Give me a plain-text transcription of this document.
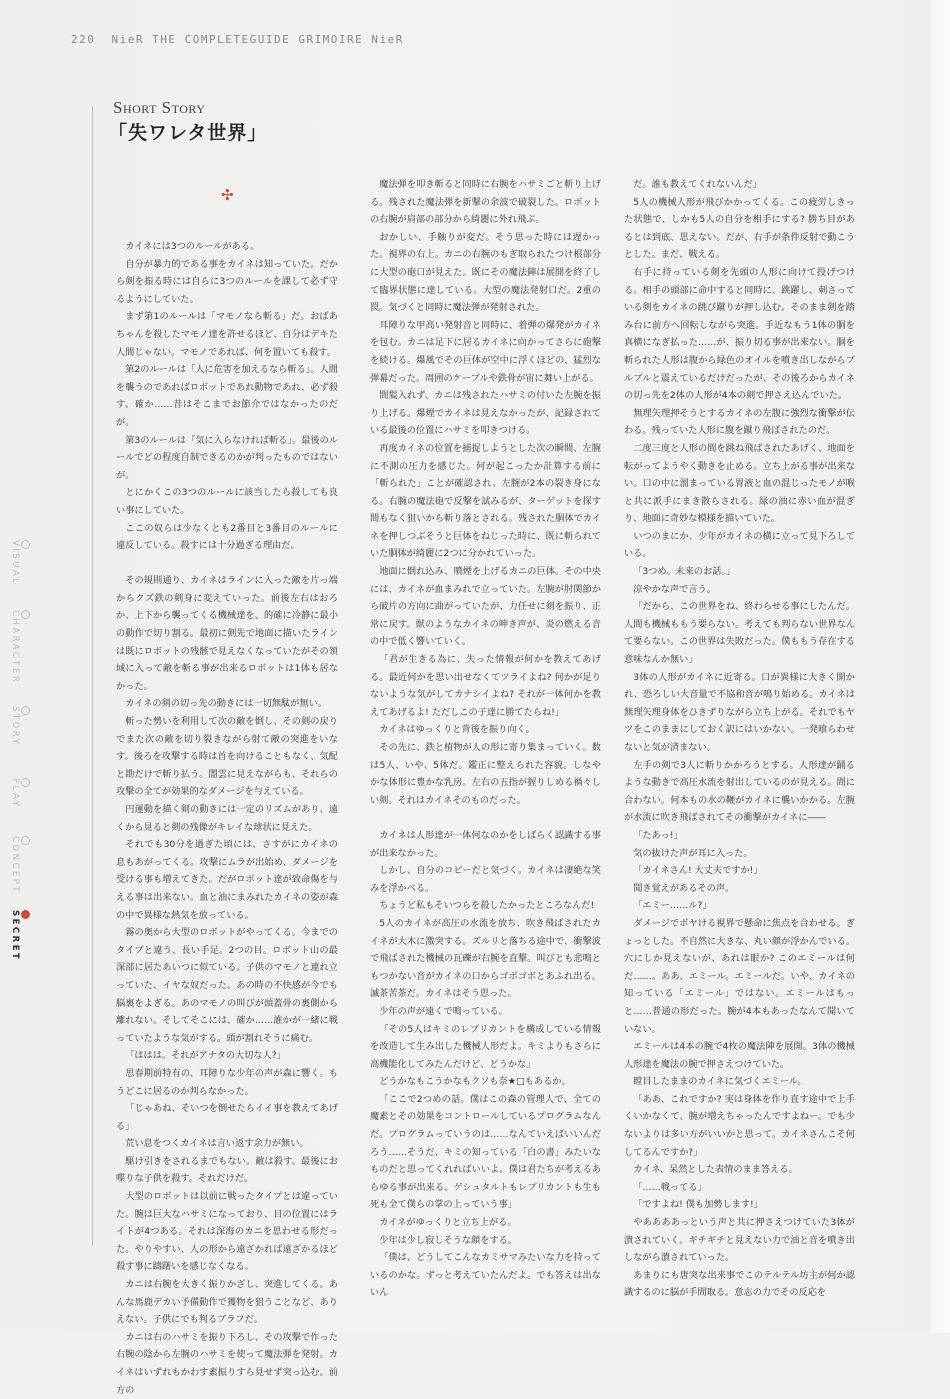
220 NieR THE COMPLETEGUIDE GRIMOIRE NieR
Short Story
「失ワレタ世界」
✣
VISUAL
CHARACTER
STORY
PLAY
CONCEPT
SECRET

カイネには3つのルールがある。

自分が暴力的である事をカイネは知っていた。だから剣を振る時には自らに3つのルールを課して必ず守るようにしていた。

まず第1のルールは「マモノなら斬る」だ。おばあちゃんを殺したマモノ達を許せるほど、自分はデキた人間じゃない。マモノであれば、何を置いても殺す。

第2のルールは「人に危害を加えるなら斬る」。人間を襲うのであればロボットであれ動物であれ、必ず殺す。確か……昔はそこまでお節介ではなかったのだが。

第3のルールは「気に入らなければ斬る」。最後のルールでどの程度自制できるのかが判ったものではないが。

とにかくこの3つのルールに該当したら殺しても良い事にしていた。

ここの奴らは少なくとも2番目と3番目のルールに違反している。殺すには十分過ぎる理由だ。

その規則通り、カイネはラインに入った敵を片っ端からクズ鉄の剣身に変えていった。前後左右はおろか、上下から襲ってくる機械達を、的確に冷静に最小の動作で切り割る。最初に剣先で地面に描いたラインは既にロボットの残骸で見えなくなっていたがその領域に入って敵を斬る事が出来るロボットは1体も居なかった。

カイネの剣の切っ先の動きには一切無駄が無い。

斬った勢いを利用して次の敵を倒し、その剣の戻りでまた次の敵を切り裂きながら射て敵の突進をいなす。後ろを攻撃する時は首を向けることもなく、気配と勘だけで斬り払う。闇雲に見えながらも、それらの攻撃の全てが効果的なダメージを与えている。

円運動を描く剣の動きには一定のリズムがあり、遠くから見ると剣の残像がキレイな球状に見えた。

それでも30分を過ぎた頃には、さすがにカイネの息もあがってくる。攻撃にムラが出始め、ダメージを受ける事も増えてきた。だがロボット達が致命傷を与える事は出来ない。血と油にまみれたカイネの姿が森の中で異様な熱気を放っている。

霧の奥から大型のロボットがやってくる。今までのタイプと違う、長い手足。2つの目。ロボット山の最深部に居たあいつに似ている。子供のマモノと連れ立っていた、イヤな奴だった。あの時の不快感が今でも脳裏をよぎる。あのマモノの叫びが頭蓋骨の裏側から離れない。そしてそこには、確か……誰かが一緒に戦っていたような気がする。頭が割れそうに痛む。

「ははは。それがアナタの大切な人?」

思春期前特有の、耳障りな少年の声が森に響く。もうどこに居るのか判らなかった。

「じゃあね、そいつを倒せたらイイ事を教えてあげる」

荒い息をつくカイネは言い返す余力が無い。

駆け引きをされるまでもない。敵は殺す。最後にお喋りな子供を殺す。それだけだ。

大型のロボットは以前に戦ったタイプとは違っていた。腕は巨大なハサミになっており、目の位置にはライトが4つある。それは深海のカニを思わせる形だった。やりやすい、人の形から遠ざかれば遠ざかるほど殺す事に躊躇いを感じなくなる。

カニは右腕を大きく振りかざし、突進してくる。あんな馬鹿デカい予備動作で獲物を狙うことなど、ありえない。子供にでも判るブラフだ。

カニは右のハサミを振り下ろし、その攻撃で作った右腕の陰から左腕のハサミを使って魔法弾を発射。カイネはいずれもかわす素振りすら見せず突っ込む。前方の

魔法弾を叩き斬ると同時に右腕をハサミごと斬り上げる。残された魔法弾を新撃の余波で破裂した。ロボットの右腕が肩部の部分から綺麗に外れ飛ぶ。

おかしい、手触りが変だ。そう思った時には遅かった。視界の右上。カニの右腕のもぎ取られたつけ根部分に大型の砲口が見えた。既にその魔法陣は展開を終了して臨界状態に達している。大型の魔法発射口だ。2重の罠。気づくと同時に魔法弾が発射された。

耳障りな甲高い発射音と同時に、着弾の爆発がカイネを包む。カニは足下に居るカイネに向かってさらに砲撃を続ける。爆風でその巨体が空中に浮くほどの、猛烈な弾幕だった。周囲のケーブルや鉄骨が宙に舞い上がる。

間髪入れず、カニは残されたハサミの付いた左腕を振り上げる。爆煙でカイネは見えなかったが、記録されている最後の位置にハサミを叩きつける。

再度カイネの位置を捕捉しようとした次の瞬間、左腕に不測の圧力を感じた。何が起こったか計算する前に「斬られた」ことが確認され、左腕が2本の裂き身になる。右腕の魔法砲で反撃を試みるが、ターゲットを探す間もなく狙いから斬り落とされる。残された胴体でカイネを押しつぶそうと巨体をねじった時に、既に斬られていた胴体が綺麗に2つに分かれていった。

地面に倒れ込み、噴煙を上げるカニの巨体。その中央には、カイネが血まみれで立っていた。左腕が肘関節から破片の方向に曲がっていたが、力任せに剣を振り、正常に戻す。獣のようなカイネの呻き声が、炎の燃える音の中で低く響いていく。

「君が生きる為に、失った情報が何かを教えてあげる。最近何かを思い出せなくてツライよね? 何かが足りないような気がしてカナシイよね? それが一体何かを教えてあげるよ! ただしこの子達に勝てたらね!」

カイネはゆっくりと背後を振り向く。

その先に、鉄と植物が人の形に寄り集まっていく。数は5人、いや、5体だ。鑑正に整えられた容貌。しなやかな体形に豊かな乳房。左右の五指が握りしめる禍々しい剣。それはカイネそのものだった。

カイネは人形達が一体何なのかをしばらく認識する事が出来なかった。

しかし、自分のコピーだと気づく。カイネは凄絶な笑みを浮かべる。

ちょうど私もそいつらを殺したかったところなんだ!

5人のカイネが高圧の水流を放ち、吹き飛ばされたカイネが大木に激突する。ズルリと落ちる途中で、衝撃波で飛ばされた機械の瓦礫が右腕を直撃。叫びとも悲鳴ともつかない音がカイネの口からゴボゴボとあふれ出る。滅茶苦茶だ。カイネはそう思った。

少年の声が遠くで鳴っている。

「その5人はキミのレプリカントを構成している情報を改造して生み出した機械人形だよ。キミよりもさらに高機能化してみたんだけど、どうかな」

どうかなもこうかなもクソも奈★□もあるか。

「ここで2つめの話。僕はこの森の管理人で、全ての魔素とその効果をコントロールしているプログラムなんだ。プログラムっていうのは……なんていえばいいんだろう……そうだ、キミの知っている「白の書」みたいなものだと思ってくれればいいよ。僕は君たちが考えるあらゆる事が出来る。ゲシュタルトもレプリカントも生も死も全て僕らの掌の上っていう事」

カイネがゆっくりと立ち上がる。

少年は少し寂しそうな顔をする。

「僕は、どうしてこんなカミサマみたいな力を持っているのかな。ずっと考えていたんだよ。でも答えは出ないん

だ。誰も教えてくれないんだ」

5人の機械人形が飛びかかってくる。この疲労しきった状態で、しかも5人の自分を相手にする? 勝ち目があるとは到底、思えない。だが、右手が条件反射で動こうとした。まだ、戦える。

右手に持っている剣を先頭の人形に向けて投げつける。相手の頭部に命中すると同時に、跳躍し、刺さっている剣をカイネの跳び蹴りが押し込む。そのまま剣を踏み台に前方へ回転しながら突進。手近なもう1体の胴を真横になぎ払った……が、振り切る事が出来ない。胴を斬られた人形は腹から緑色のオイルを噴き出しながらブルブルと震えているだけだったが、その後ろからカイネの切っ先を2体の人形が4本の剣で押さえ込んでいた。

無理矢理押そうとするカイネの左腹に強烈な衝撃が伝わる。残っていた人形に腹を蹴り飛ばされたのだ。

二度三度と人形の間を跳ね飛ばされたあげく、地面を転がってようやく動きを止める。立ち上がる事が出来ない。口の中に溜まっている胃液と血の混じったモノが喉と共に派手にまき散らされる。緑の油に赤い血が混ぎり、地面に奇妙な模様を描いていた。

いつのまにか、少年がカイネの横に立って見下ろしている。

「3つめ。未来のお話。」

涼やかな声で言う。

「だから、この世界をね、終わらせる事にしたんだ。人間も機械ももう要らない。考えても判らない世界なんて要らない。この世界は失敗だった。僕ももう存在する意味なんか無い」

3体の人形がカイネに近寄る。口が異様に大きく開かれ、恐ろしい大音量で不協和音が鳴り始める。カイネは無理矢理身体をひきずりながら立ち上がる。それでもヤツをこのままにしておく訳にはいかない。一発喰らわせないと気が済まない。

左手の剣で3人に斬りかかろうとする。人形達が踊るような動きで高圧水流を射出しているのが見える。間に合わない。何本もの水の鞭がカイネに襲いかかる。左腕が水流に吹き飛ばされてその衝撃がカイネに――

「たあっ!」

気の抜けた声が耳に入った。

「カイネさん! 大丈夫ですか!」

聞き覚えがあるその声。

「エミー……ル?」

ダメージでボヤける視界で懸命に焦点を合わせる。ぎょっとした。不自然に大きな、丸い顔が浮かんでいる。穴にしか見えないが、あれは眼か? このエミールは何だ……。ああ、エミール。エミールだ。いや、カイネの知っている「エミール」ではない。エミールはもっと……普通の形だった。腕が4本もあったなんて聞いていない。

エミールは4本の腕で4枚の魔法陣を展開。3体の機械人形達を魔法の腕で押さえつけていた。

瞠目したままのカイネに気づくエミール。

「ああ、これですか? 実は身体を作り直す途中で上手くいかなくて、腕が増えちゃったんですよねー。でも少ないよりは多い方がいいかと思って。カイネさんこそ何してるんですか?」

カイネ、呆然とした表情のまま答える。

「……戦ってる」

「ですよね! 僕も加勢します!」

やああああっという声と共に押さえつけていた3体が潰されていく。ギチギチと見えない力で油と音を噴き出しながら潰されていった。

あまりにも唐突な出来事でこのテルテル坊主が何か認識するのに脳が手間取る。意志の力でその反応を
